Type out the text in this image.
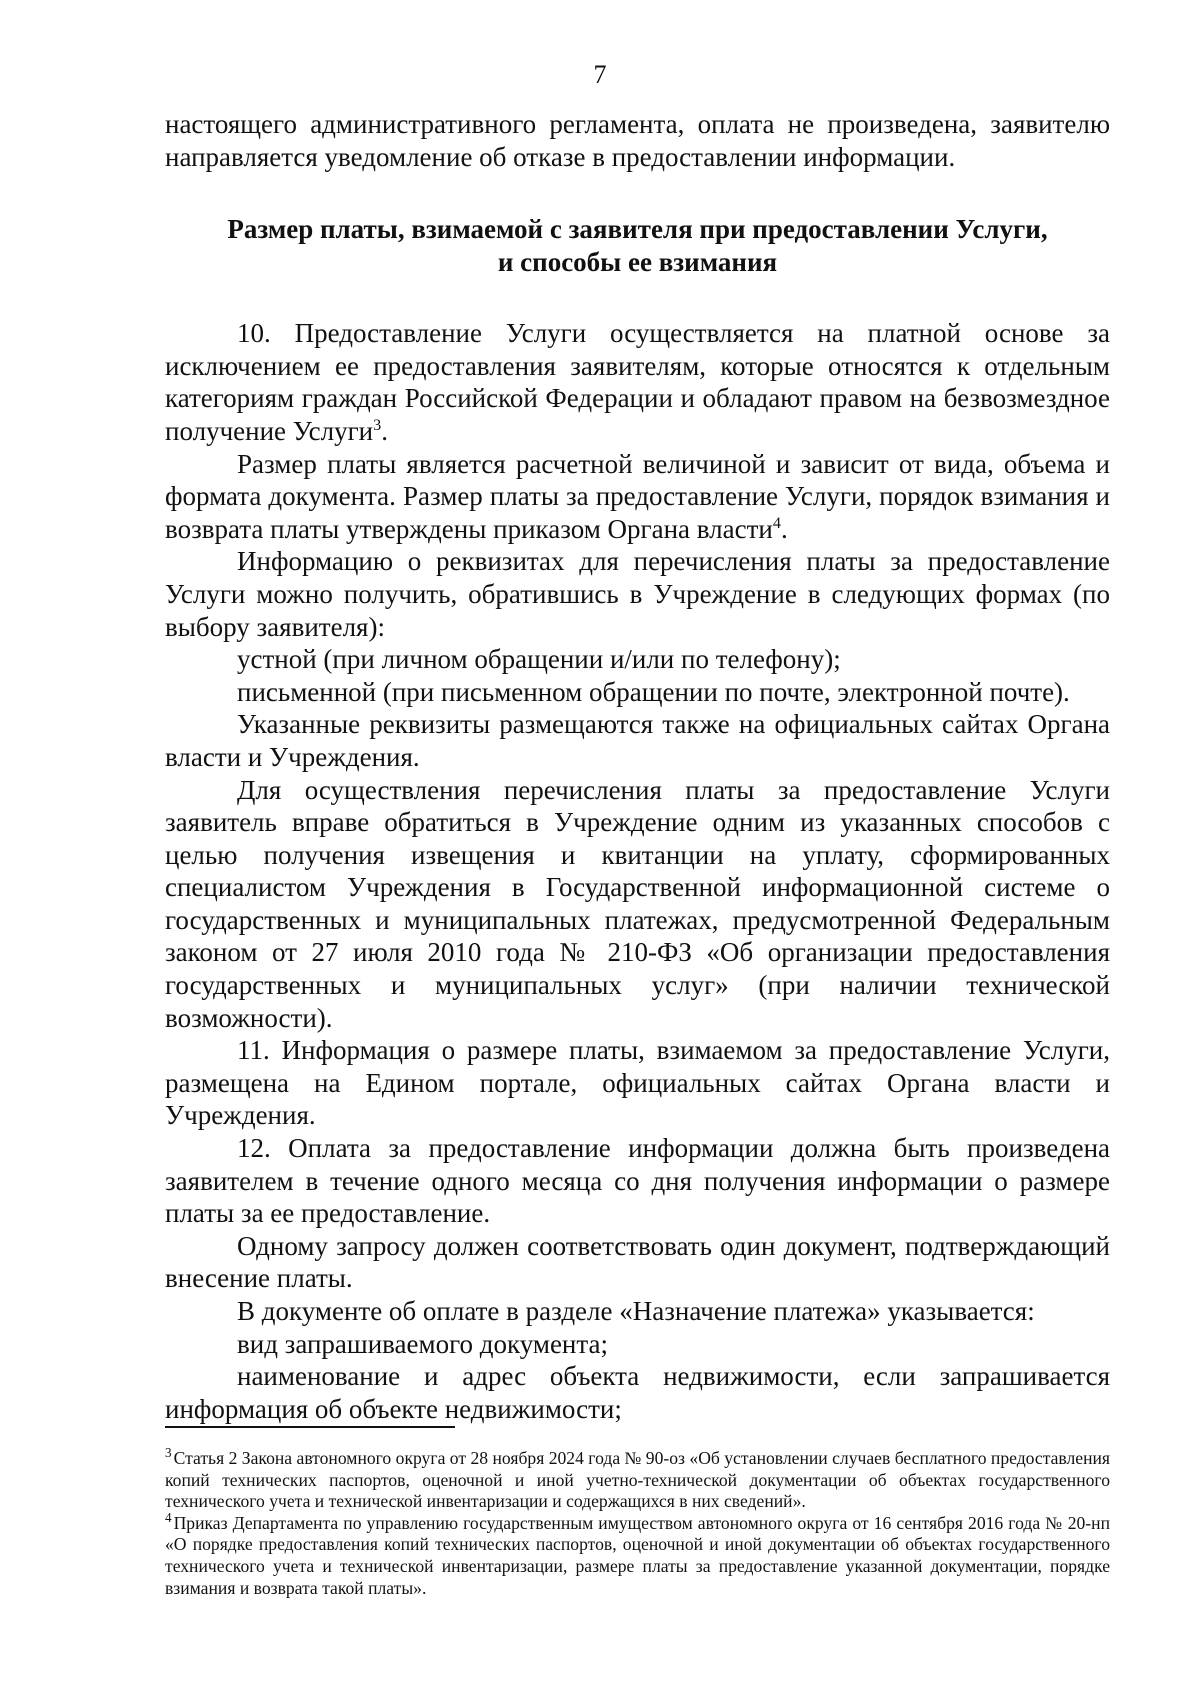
7

настоящего административного регламента, оплата не произведена, заявителю направляется уведомление об отказе в предоставлении информации.

Размер платы, взимаемой с заявителя при предоставлении Услуги,
и способы ее взимания

10. Предоставление Услуги осуществляется на платной основе за исключением ее предоставления заявителям, которые относятся к отдельным категориям граждан Российской Федерации и обладают правом на безвозмездное получение Услуги$^3$.

Размер платы является расчетной величиной и зависит от вида, объема и формата документа. Размер платы за предоставление Услуги, порядок взимания и возврата платы утверждены приказом Органа власти$^4$.

Информацию о реквизитах для перечисления платы за предоставление Услуги можно получить, обратившись в Учреждение в следующих формах (по выбору заявителя):

устной (при личном обращении и/или по телефону);

письменной (при письменном обращении по почте, электронной почте).

Указанные реквизиты размещаются также на официальных сайтах Органа власти и Учреждения.

Для осуществления перечисления платы за предоставление Услуги заявитель вправе обратиться в Учреждение одним из указанных способов с целью получения извещения и квитанции на уплату, сформированных специалистом Учреждения в Государственной информационной системе о государственных и муниципальных платежах, предусмотренной Федеральным законом от 27 июля 2010 года № 210-ФЗ «Об организации предоставления государственных и муниципальных услуг» (при наличии технической возможности).

11. Информация о размере платы, взимаемом за предоставление Услуги, размещена на Едином портале, официальных сайтах Органа власти и Учреждения.

12. Оплата за предоставление информации должна быть произведена заявителем в течение одного месяца со дня получения информации о размере платы за ее предоставление.

Одному запросу должен соответствовать один документ, подтверждающий внесение платы.

В документе об оплате в разделе «Назначение платежа» указывается:

вид запрашиваемого документа;

наименование и адрес объекта недвижимости, если запрашивается информация об объекте недвижимости;

$^3$ Статья 2 Закона автономного округа от 28 ноября 2024 года № 90-оз «Об установлении случаев бесплатного предоставления копий технических паспортов, оценочной и иной учетно-технической документации об объектах государственного технического учета и технической инвентаризации и содержащихся в них сведений».

$^4$ Приказ Департамента по управлению государственным имуществом автономного округа от 16 сентября 2016 года № 20-нп «О порядке предоставления копий технических паспортов, оценочной и иной документации об объектах государственного технического учета и технической инвентаризации, размере платы за предоставление указанной документации, порядке взимания и возврата такой платы».
